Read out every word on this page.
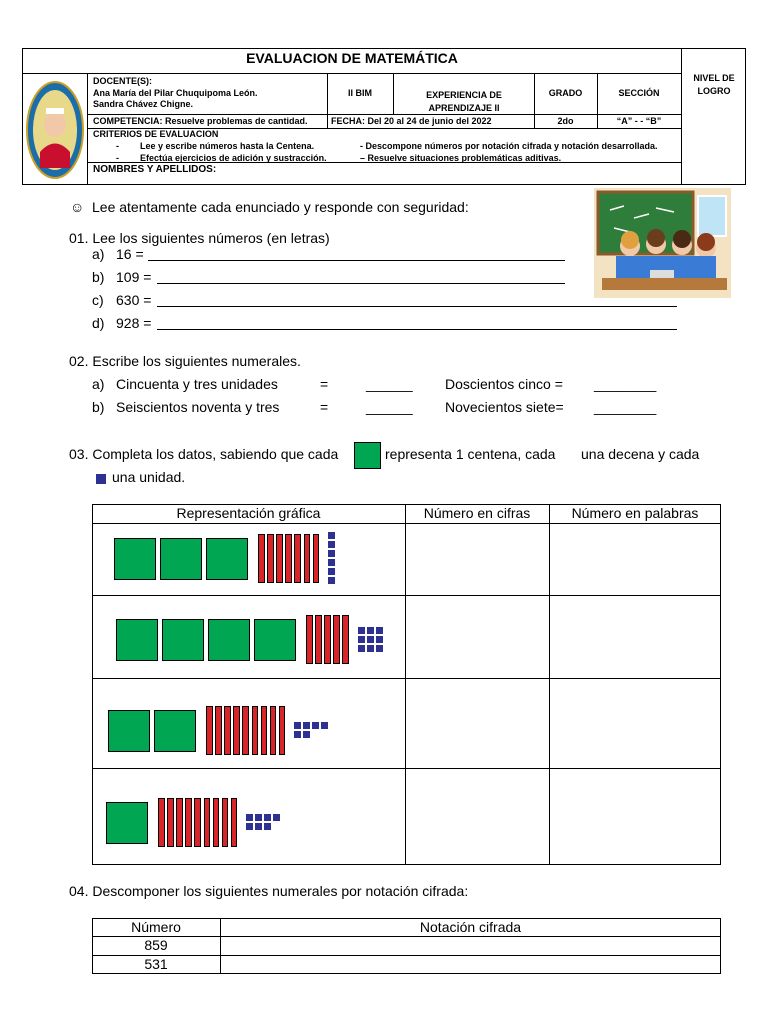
EVALUACION DE MATEMÁTICA
NIVEL DE LOGRO
DOCENTE(S):
Ana María del Pilar Chuquipoma León.
Sandra Chávez Chigne.
II BIM	EXPERIENCIA DE APRENDIZAJE II
GRADO	SECCIÓN
COMPETENCIA: Resuelve problemas de cantidad.	FECHA: Del 20 al 24 de junio del 2022	2do	“A” - - “B”
CRITERIOS DE EVALUACION
- Lee y escribe números hasta la Centena.	- Descompone números por notación cifrada y notación desarrollada.
- Efectúa ejercicios de adición y sustracción.	– Resuelve situaciones problemáticas aditivas.
NOMBRES Y APELLIDOS:
☺ Lee atentamente cada enunciado y responde con seguridad:
01. Lee los siguientes números (en letras)
a) 16 =
b) 109 =
c) 630 =
d) 928 =
02. Escribe los siguientes numerales.
a) Cincuenta y tres unidades	=	______ Doscientos cinco = ________
b) Seiscientos noventa y tres	=	______ Novecientos siete= ________
03. Completa los datos, sabiendo que cada	representa 1 centena, cada una decena y cada
una unidad.
Representación gráfica	Número en cifras	Número en palabras
04. Descomponer los siguientes numerales por notación cifrada:
Número	Notación cifrada
859
531
